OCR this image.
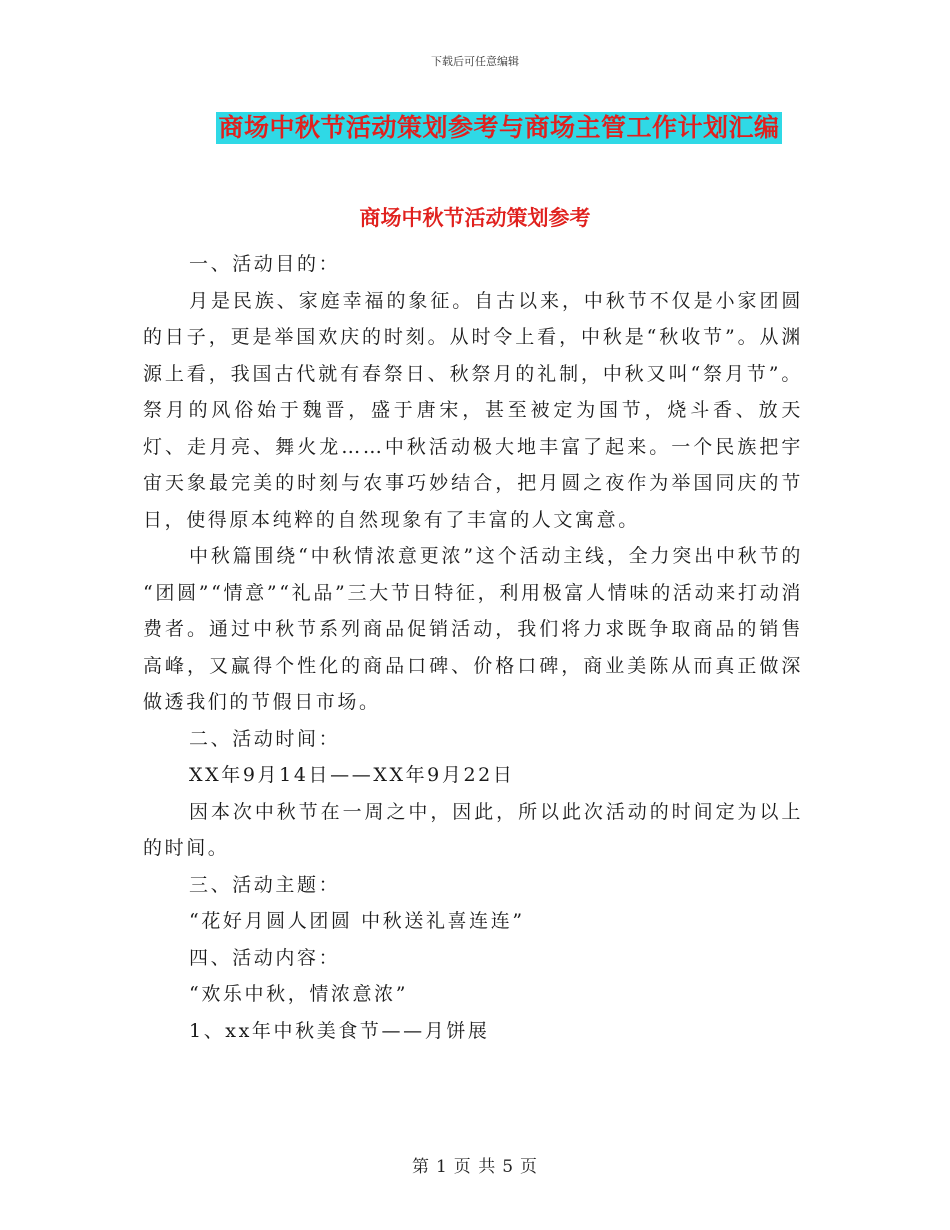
下载后可任意编辑
商场中秋节活动策划参考与商场主管工作计划汇编
商场中秋节活动策划参考

一、活动目的：

月是民族、家庭幸福的象征。自古以来，中秋节不仅是小家团圆的日子，更是举国欢庆的时刻。从时令上看，中秋是“秋收节”。从渊源上看，我国古代就有春祭日、秋祭月的礼制，中秋又叫“祭月节”。祭月的风俗始于魏晋，盛于唐宋，甚至被定为国节，烧斗香、放天灯、走月亮、舞火龙……中秋活动极大地丰富了起来。一个民族把宇宙天象最完美的时刻与农事巧妙结合，把月圆之夜作为举国同庆的节日，使得原本纯粹的自然现象有了丰富的人文寓意。

中秋篇围绕“中秋情浓意更浓”这个活动主线，全力突出中秋节的 “团圆”“情意”“礼品”三大节日特征，利用极富人情味的活动来打动消费者。通过中秋节系列商品促销活动，我们将力求既争取商品的销售高峰，又赢得个性化的商品口碑、价格口碑，商业美陈从而真正做深做透我们的节假日市场。

二、活动时间：

XX年9月14日——XX年9月22日

因本次中秋节在一周之中，因此，所以此次活动的时间定为以上的时间。

三、活动主题：

“花好月圆人团圆 中秋送礼喜连连”

四、活动内容：

“欢乐中秋，情浓意浓”

1、xx年中秋美食节——月饼展

第 1 页 共 5 页
